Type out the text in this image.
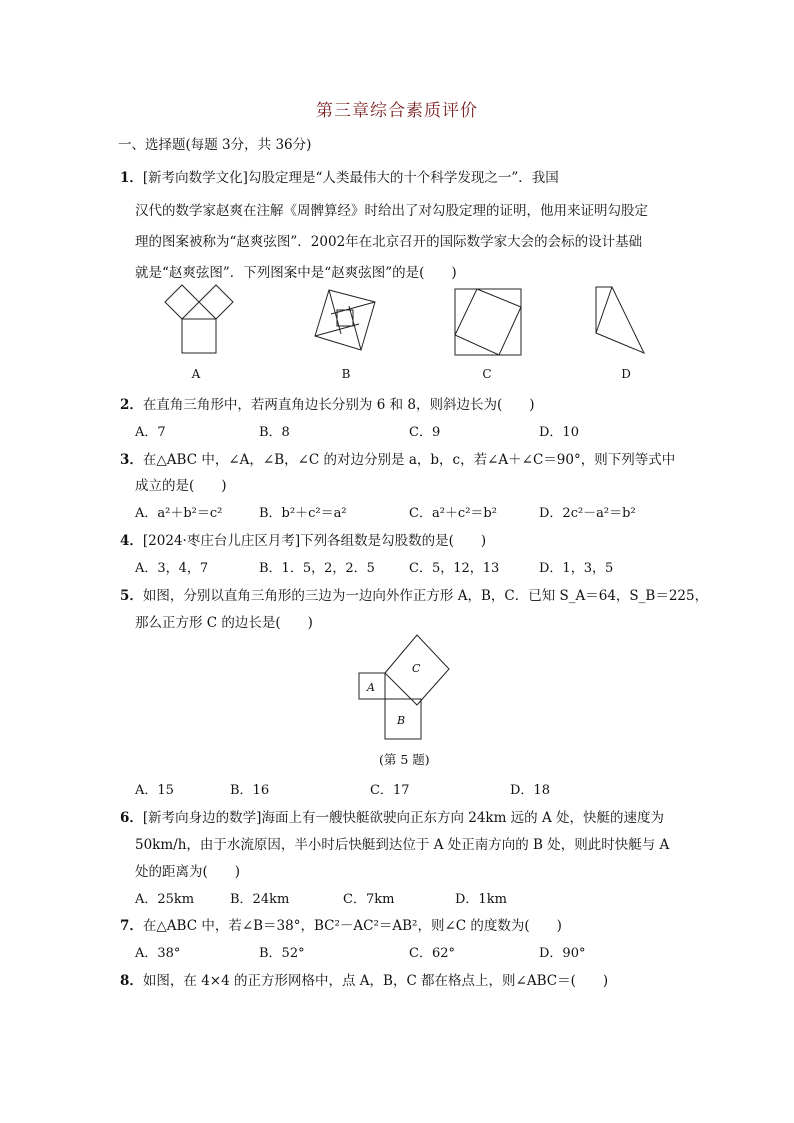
第三章综合素质评价
一、选择题(每题 3分，共 36分)
1．[新考向数学文化]勾股定理是“人类最伟大的十个科学发现之一”．我国
汉代的数学家赵爽在注解《周髀算经》时给出了对勾股定理的证明，他用来证明勾股定
理的图案被称为“赵爽弦图”．2002年在北京召开的国际数学家大会的会标的设计基础
就是“赵爽弦图”．下列图案中是“赵爽弦图”的是(　　)
A	B	C	D
2．在直角三角形中，若两直角边长分别为 6 和 8，则斜边长为(　　)
A．7	B．8	C．9	D．10
3．在△ABC 中，∠A，∠B，∠C 的对边分别是 a，b，c，若∠A＋∠C＝90°，则下列等式中
成立的是(　　)
A．a²＋b²＝c²	B．b²＋c²＝a²	C．a²＋c²＝b²	D．2c²－a²＝b²
4．[2024·枣庄台儿庄区月考]下列各组数是勾股数的是(　　)
A．3，4，7	B．1．5，2，2．5	C．5，12，13	D．1，3，5
5．如图，分别以直角三角形的三边为一边向外作正方形 A，B，C．已知 S_A＝64，S_B＝225，
那么正方形 C 的边长是(　　)
A
B
C
(第 5 题)
A．15	B．16	C．17	D．18
6．[新考向身边的数学]海面上有一艘快艇欲驶向正东方向 24km 远的 A 处，快艇的速度为
50km/h，由于水流原因，半小时后快艇到达位于 A 处正南方向的 B 处，则此时快艇与 A
处的距离为(　　)
A．25km	B．24km	C．7km	D．1km
7．在△ABC 中，若∠B＝38°，BC²－AC²＝AB²，则∠C 的度数为(　　)
A．38°	B．52°	C．62°	D．90°
8．如图，在 4×4 的正方形网格中，点 A，B，C 都在格点上，则∠ABC＝(　　)
